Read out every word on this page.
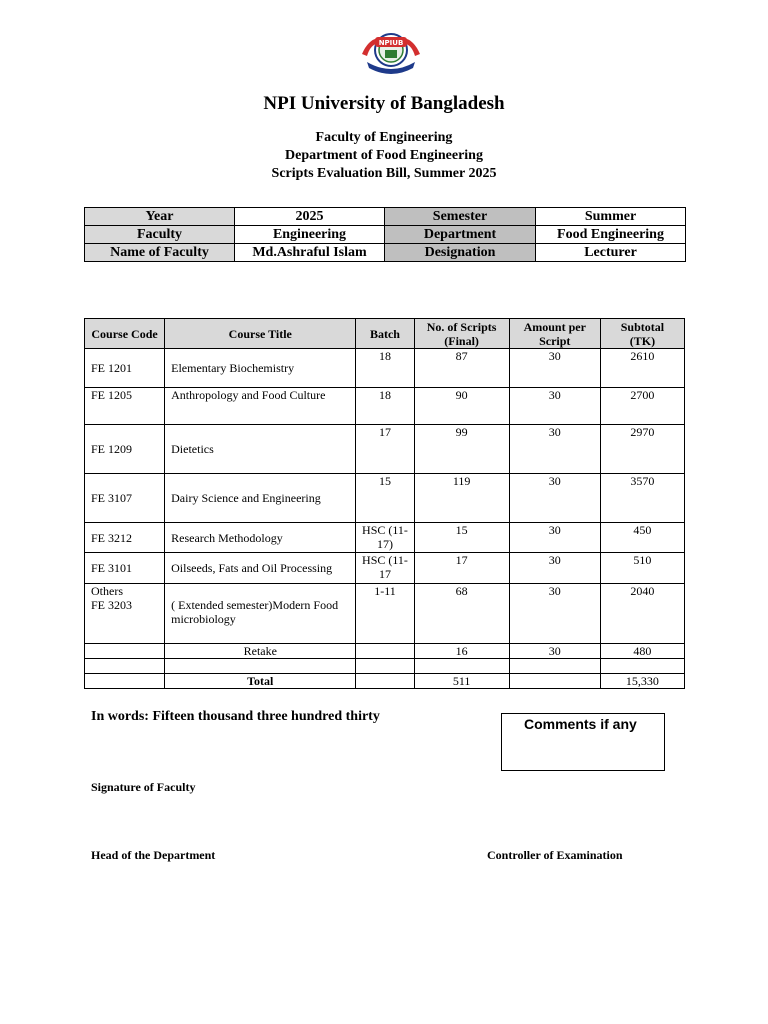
NPIUB
NPI University of Bangladesh
Faculty of Engineering
Department of Food Engineering
Scripts Evaluation Bill, Summer 2025
Year	2025	Semester	Summer
Faculty	Engineering	Department	Food Engineering
Name of Faculty	Md.Ashraful Islam	Designation	Lecturer
Course Code	Course Title	Batch	No. of Scripts (Final)	Amount per Script	Subtotal (TK)
FE 1201	Elementary Biochemistry	18	87	30	2610
FE 1205	Anthropology and Food Culture	18	90	30	2700
FE 1209	Dietetics	17	99	30	2970
FE 3107	Dairy Science and Engineering	15	119	30	3570
FE 3212	Research Methodology	HSC (11-17)	15	30	450
FE 3101	Oilseeds, Fats and Oil Processing	HSC (11-17	17	30	510

Others
FE 3203	( Extended semester)Modern Food microbiology	1-11	68	30	2040
	Retake		16	30	480

	Total		511		15,330
In words: Fifteen thousand three hundred thirty	Comments if any
Signature of Faculty
Head of the Department	Controller of Examination
